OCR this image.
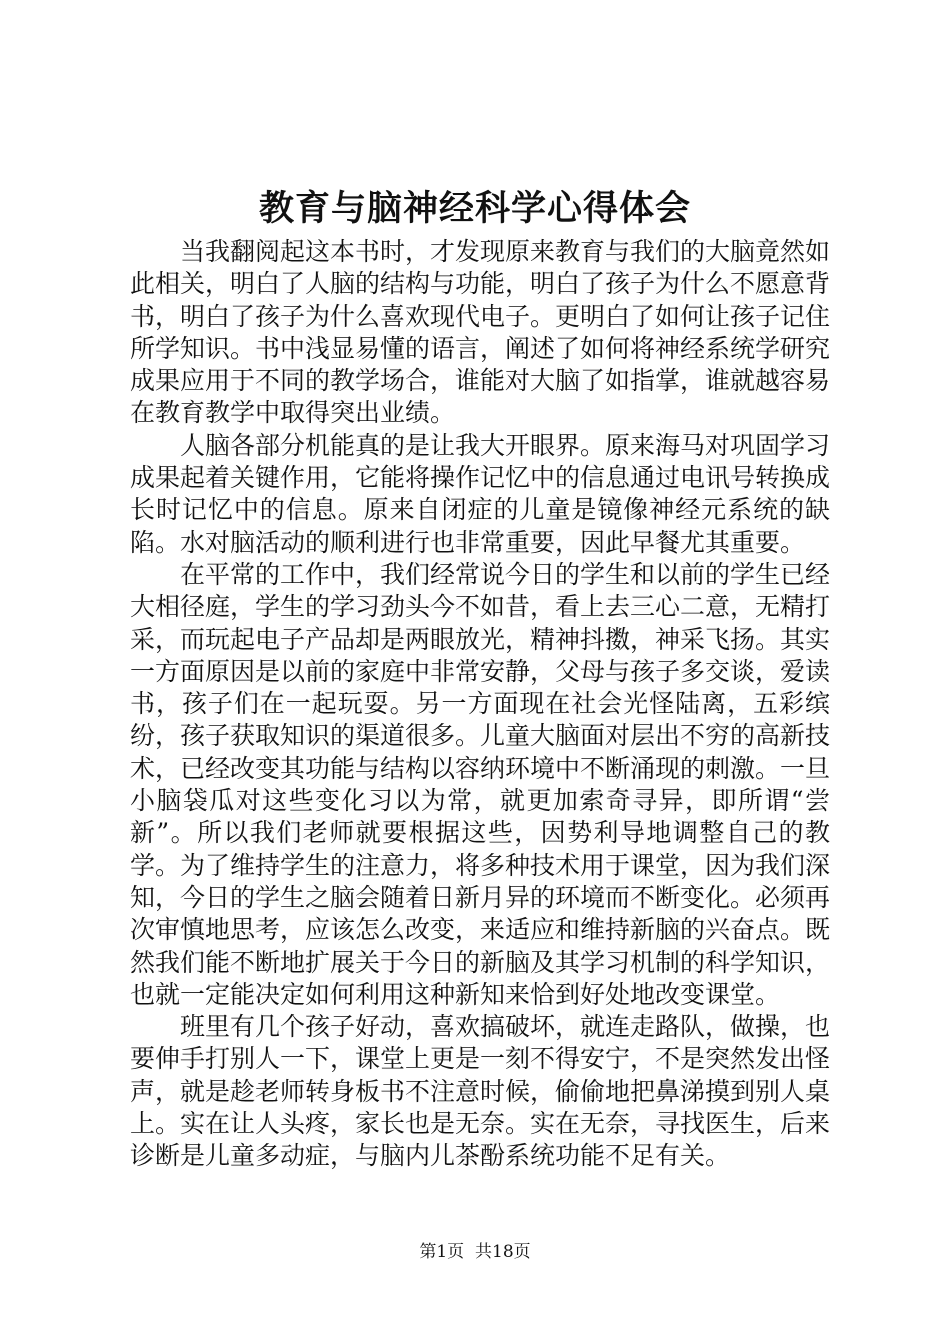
教育与脑神经科学心得体会

当我翻阅起这本书时，才发现原来教育与我们的大脑竟然如此相关，明白了人脑的结构与功能，明白了孩子为什么不愿意背书，明白了孩子为什么喜欢现代电子。更明白了如何让孩子记住所学知识。书中浅显易懂的语言，阐述了如何将神经系统学研究成果应用于不同的教学场合，谁能对大脑了如指掌，谁就越容易在教育教学中取得突出业绩。

人脑各部分机能真的是让我大开眼界。原来海马对巩固学习成果起着关键作用，它能将操作记忆中的信息通过电讯号转换成长时记忆中的信息。原来自闭症的儿童是镜像神经元系统的缺陷。水对脑活动的顺利进行也非常重要，因此早餐尤其重要。

在平常的工作中，我们经常说今日的学生和以前的学生已经大相径庭，学生的学习劲头今不如昔，看上去三心二意，无精打采，而玩起电子产品却是两眼放光，精神抖擞，神采飞扬。其实一方面原因是以前的家庭中非常安静，父母与孩子多交谈，爱读书，孩子们在一起玩耍。另一方面现在社会光怪陆离，五彩缤纷，孩子获取知识的渠道很多。儿童大脑面对层出不穷的高新技术，已经改变其功能与结构以容纳环境中不断涌现的刺激。一旦小脑袋瓜对这些变化习以为常，就更加索奇寻异，即所谓“尝新”。所以我们老师就要根据这些，因势利导地调整自己的教学。为了维持学生的注意力，将多种技术用于课堂，因为我们深知，今日的学生之脑会随着日新月异的环境而不断变化。必须再次审慎地思考，应该怎么改变，来适应和维持新脑的兴奋点。既然我们能不断地扩展关于今日的新脑及其学习机制的科学知识，也就一定能决定如何利用这种新知来恰到好处地改变课堂。

班里有几个孩子好动，喜欢搞破坏，就连走路队，做操，也要伸手打别人一下，课堂上更是一刻不得安宁，不是突然发出怪声，就是趁老师转身板书不注意时候，偷偷地把鼻涕摸到别人桌上。实在让人头疼，家长也是无奈。实在无奈，寻找医生，后来诊断是儿童多动症，与脑内儿茶酚系统功能不足有关。

第1页 共18页
